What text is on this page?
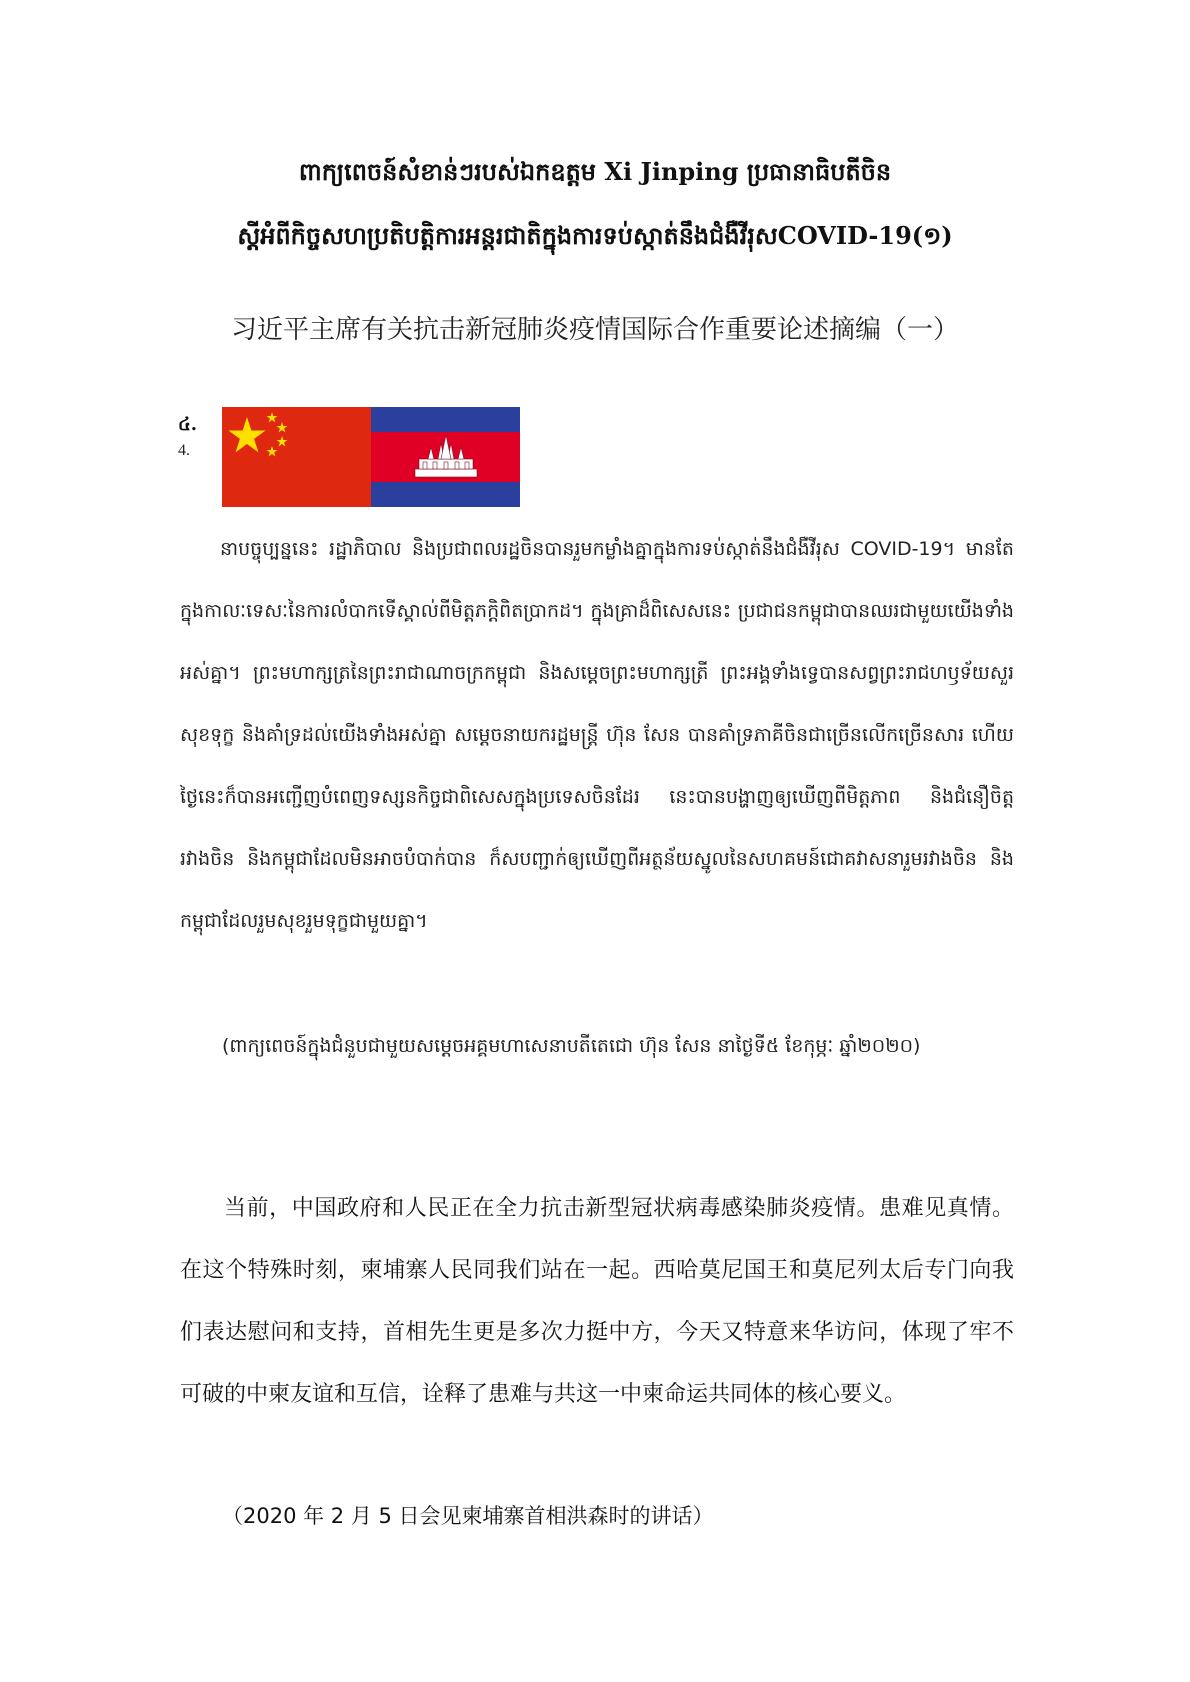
ពាក្យពេចន៍សំខាន់ៗរបស់ឯកឧត្តម Xi Jinping ប្រធានាធិបតីចិន
ស្តីអំពីកិច្ចសហប្រតិបត្តិការអន្តរជាតិក្នុងការទប់ស្កាត់នឹងជំងឺវីរុសCOVID-19(១)
习近平主席有关抗击新冠肺炎疫情国际合作重要论述摘编（一）
៤.
4.

នាបច្ចុប្បន្ននេះ រដ្ឋាភិបាល និងប្រជាពលរដ្ឋចិនបានរួមកម្លាំងគ្នាក្នុងការទប់ស្កាត់នឹងជំងឺវីរុស COVID-19។ មានតែក្នុងកាលៈទេសៈនៃការលំបាកទើស្គាល់ពីមិត្តភក្តិពិតប្រាកដ។ ក្នុងគ្រាដ៏ពិសេសនេះ ប្រជាជនកម្ពុជាបានឈរជាមួយយើងទាំងអស់គ្នា។ ព្រះមហាក្សត្រនៃព្រះរាជាណាចក្រកម្ពុជា និងសម្តេចព្រះមហាក្សត្រី ព្រះអង្គទាំងទ្វេបានសព្វព្រះរាជហឫទ័យសួរសុខទុក្ខ និងគាំទ្រដល់យើងទាំងអស់គ្នា សម្តេចនាយករដ្ឋមន្ត្រី ហ៊ុន សែន បានគាំទ្រភាគីចិនជាច្រើនលើកច្រើនសារ ហើយថ្ងៃនេះក៏បានអញ្ជើញបំពេញទស្សនកិច្ចជាពិសេសក្នុងប្រទេសចិនដែរ នេះបានបង្ហាញឲ្យឃើញពីមិត្តភាព និងជំនឿចិត្តរវាងចិន និងកម្ពុជាដែលមិនអាចបំបាក់បាន ក៏សបញ្ជាក់ឲ្យឃើញពីអត្ថន័យស្នូលនៃសហគមន៍ជោគវាសនារួមរវាងចិន និងកម្ពុជាដែលរួមសុខរួមទុក្ខជាមួយគ្នា។

(ពាក្យពេចន៍ក្នុងជំនួបជាមួយសម្តេចអគ្គមហាសេនាបតីតេជោ ហ៊ុន សែន នាថ្ងៃទី៥ ខែកុម្ភៈ ឆ្នាំ២០២០)

当前，中国政府和人民正在全力抗击新型冠状病毒感染肺炎疫情。患难见真情。在这个特殊时刻，柬埔寨人民同我们站在一起。西哈莫尼国王和莫尼列太后专门向我们表达慰问和支持，首相先生更是多次力挺中方，今天又特意来华访问，体现了牢不可破的中柬友谊和互信，诠释了患难与共这一中柬命运共同体的核心要义。

（2020 年 2 月 5 日会见柬埔寨首相洪森时的讲话）
